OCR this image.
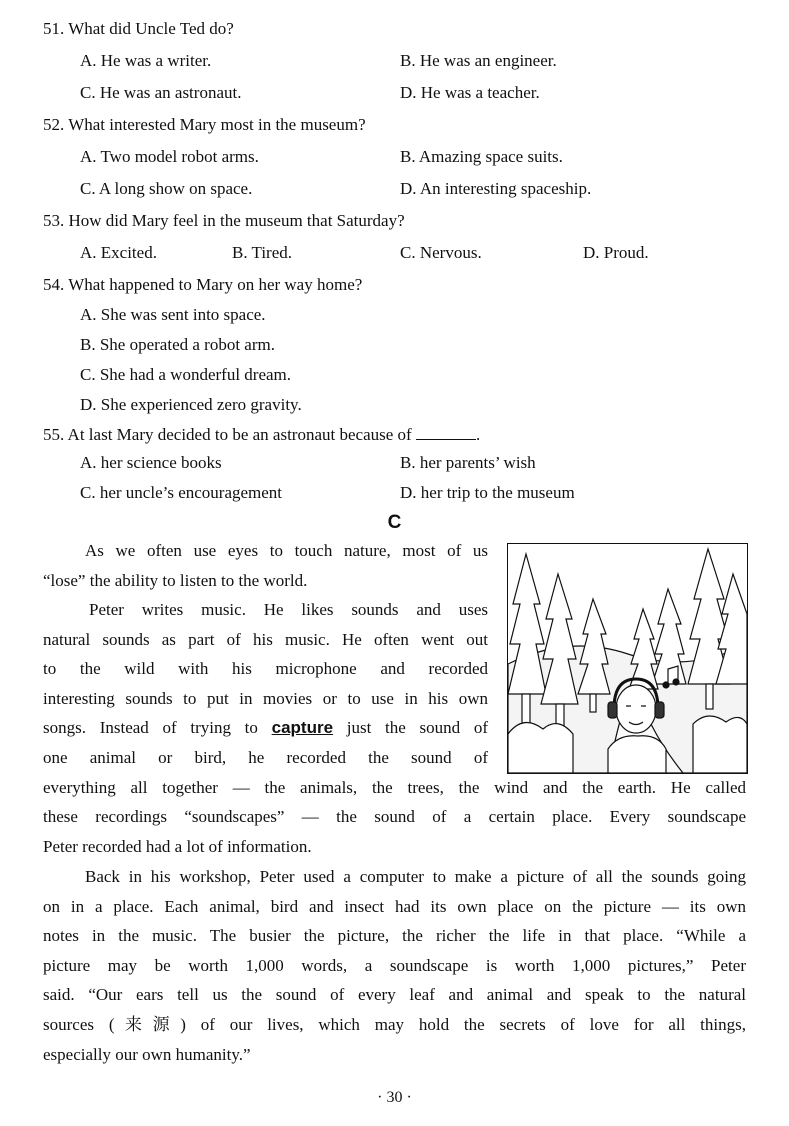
51. What did Uncle Ted do?
A. He was a writer.	B. He was an engineer.
C. He was an astronaut.	D. He was a teacher.
52. What interested Mary most in the museum?
A. Two model robot arms.	B. Amazing space suits.
C. A long show on space.	D. An interesting spaceship.
53. How did Mary feel in the museum that Saturday?
A. Excited.	B. Tired.	C. Nervous.	D. Proud.
54. What happened to Mary on her way home?
A. She was sent into space.
B. She operated a robot arm.
C. She had a wonderful dream.
D. She experienced zero gravity.
55. At last Mary decided to be an astronaut because of	.
A. her science books	B. her parents’ wish
C. her uncle’s encouragement	D. her trip to the museum
C
As we often use eyes to touch nature, most of us
“lose” the ability to listen to the world.
Peter writes music. He likes sounds and uses
natural sounds as part of his music. He often went out
to the wild with his microphone and recorded
interesting sounds to put in movies or to use in his own
songs. Instead of trying to capture just the sound of
one animal or bird, he recorded the sound of
everything all together — the animals, the trees, the wind and the earth. He called
these recordings “soundscapes” — the sound of a certain place. Every soundscape
Peter recorded had a lot of information.
Back in his workshop, Peter used a computer to make a picture of all the sounds going
on in a place. Each animal, bird and insect had its own place on the picture — its own
notes in the music. The busier the picture, the richer the life in that place. “While a
picture may be worth 1,000 words, a soundscape is worth 1,000 pictures,” Peter
said. “Our ears tell us the sound of every leaf and animal and speak to the natural
sources (来源) of our lives, which may hold the secrets of love for all things,
especially our own humanity.”
· 30 ·
